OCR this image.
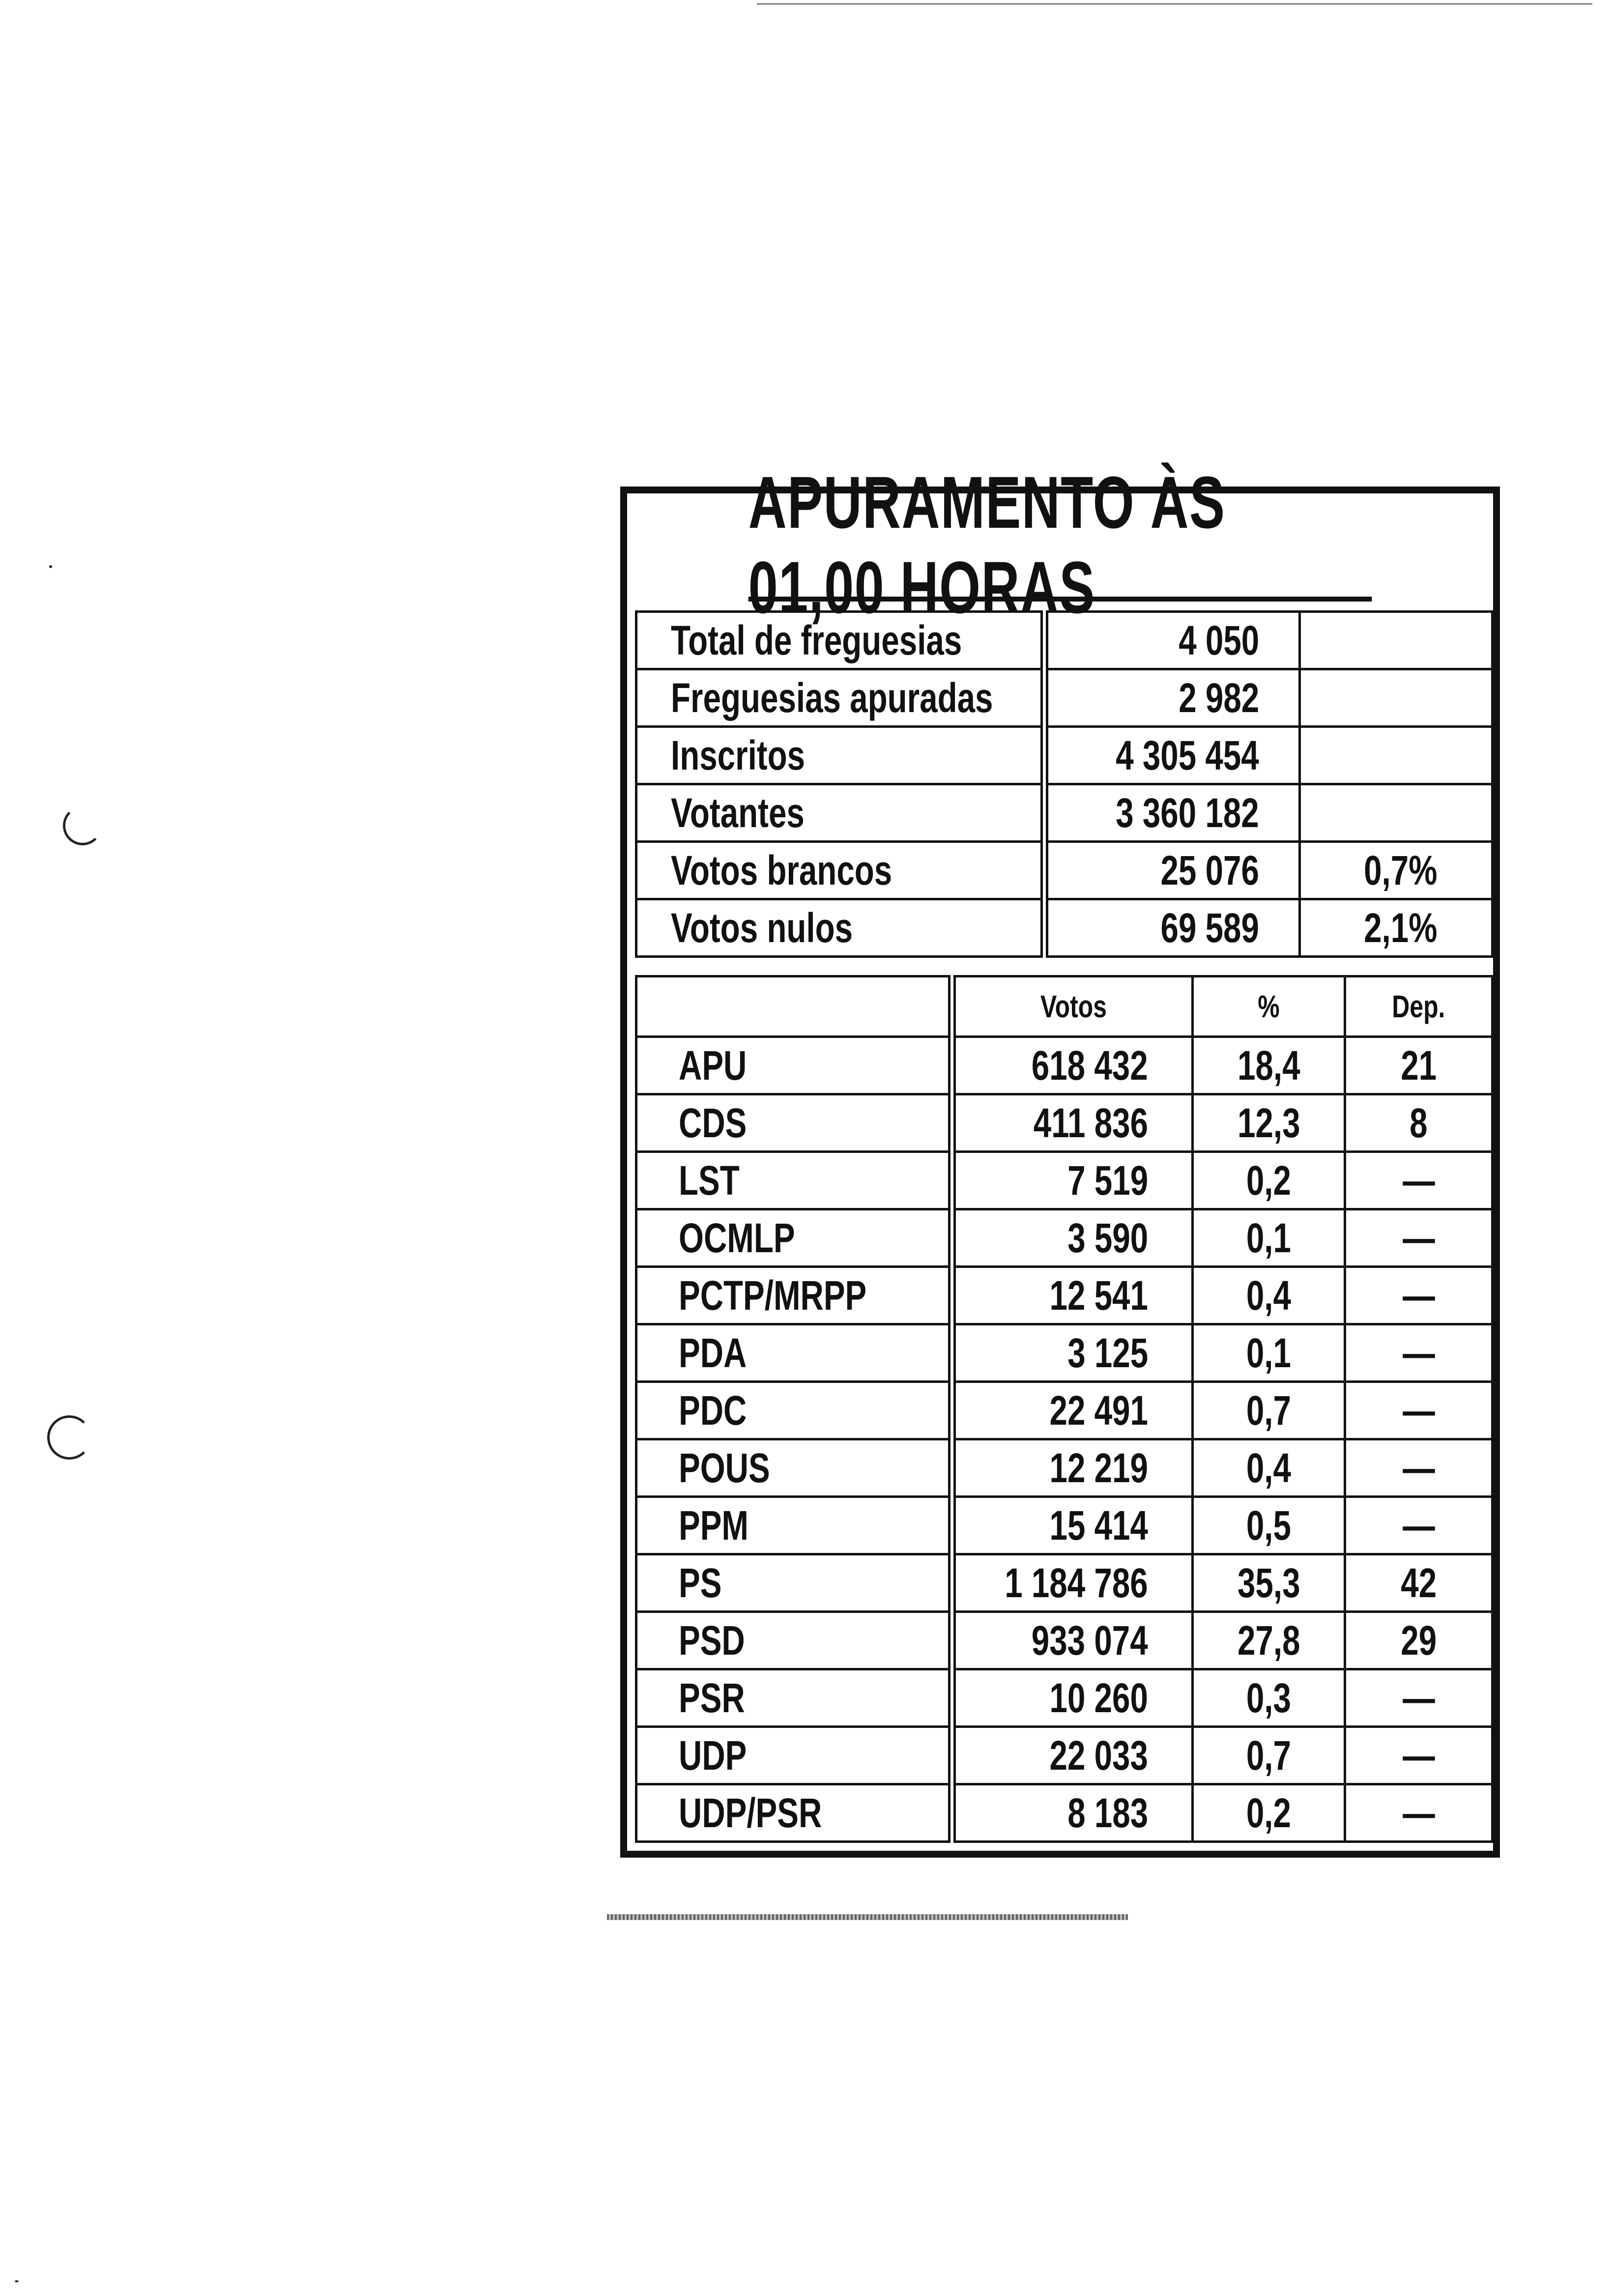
APURAMENTO ÀS 01,00 HORAS
Total de freguesias	4 050	
Freguesias apuradas	2 982	
Inscritos	4 305 454	
Votantes	3 360 182	
Votos brancos	25 076	0,7%
Votos nulos	69 589	2,1%
	Votos	%	Dep.
APU	618 432	18,4	21
CDS	411 836	12,3	8
LST	7 519	0,2	—
OCMLP	3 590	0,1	—
PCTP/MRPP	12 541	0,4	—
PDA	3 125	0,1	—
PDC	22 491	0,7	—
POUS	12 219	0,4	—
PPM	15 414	0,5	—
PS	1 184 786	35,3	42
PSD	933 074	27,8	29
PSR	10 260	0,3	—
UDP	22 033	0,7	—
UDP/PSR	8 183	0,2	—
